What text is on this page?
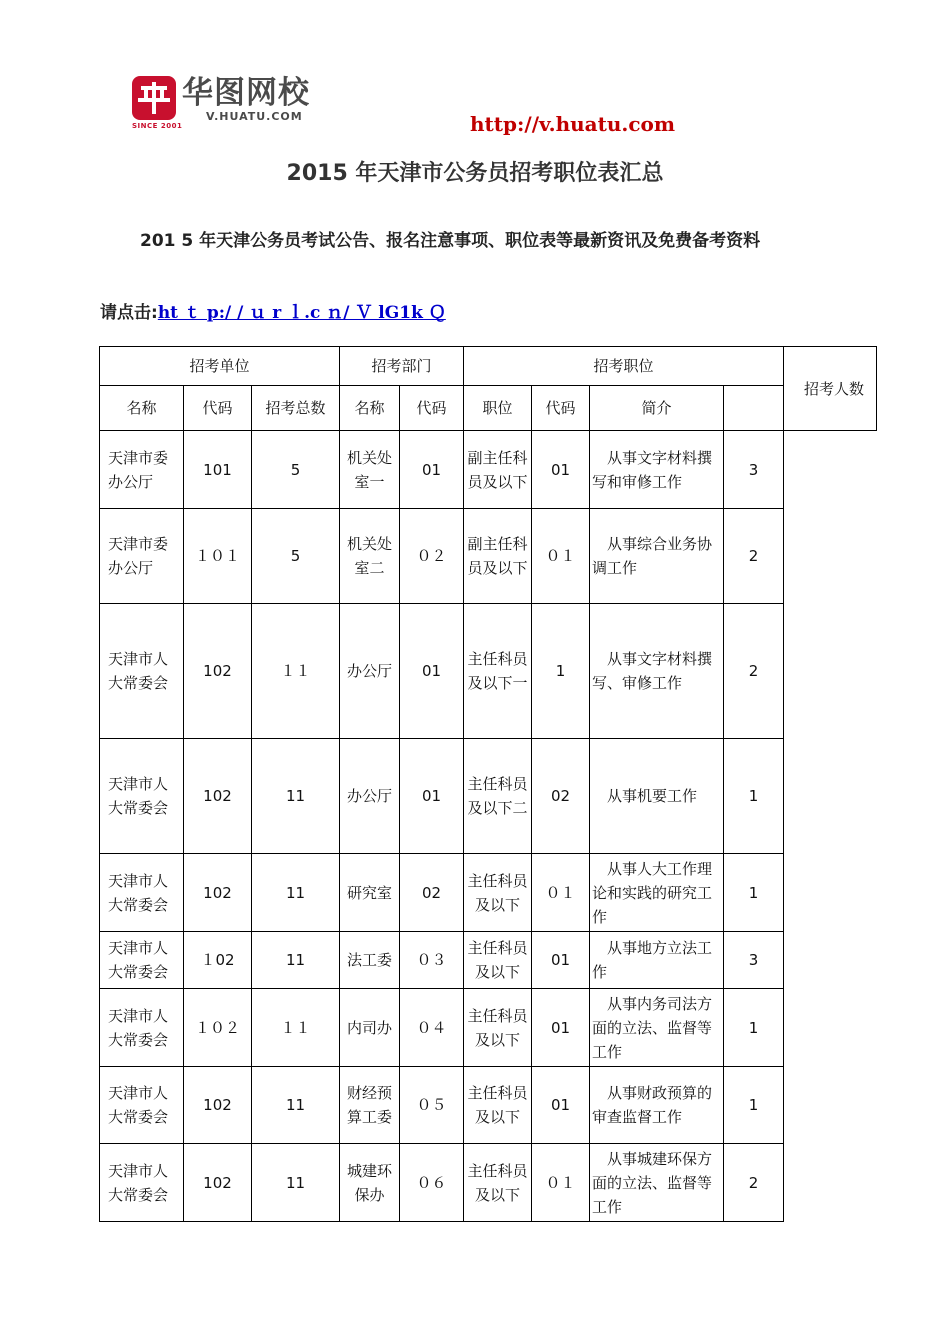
SINCE 2001
华图网校
V.HUATU.COM	http://v.huatu.com
2015 年天津市公务员招考职位表汇总
201 5 年天津公务员考试公告、报名注意事项、职位表等最新资讯及免费备考资料
请点击:ht ｔ p:/ / ｕ r ｌ.c ｎ/ Ｖ lG1k Ｑ
招考单位			招考部门		招考职位				招考人数
名称	代码	招考总数	名称	代码	职位	代码	简介		
天津市委办公厅	101	5	机关处室一	01	副主任科员及以下	01	从事文字材料撰写和审修工作	3	
天津市委办公厅	１０１	5	机关处室二	０２	副主任科员及以下	０１	从事综合业务协调工作	2	
天津市人大常委会	102	１１	办公厅	01	主任科员及以下一	1	从事文字材料撰写、审修工作	2	
天津市人大常委会	102	11	办公厅	01	主任科员及以下二	02	从事机要工作	1	
天津市人大常委会	102	11	研究室	02	主任科员及以下	０１	从事人大工作理论和实践的研究工作	1	
天津市人大常委会	１02	11	法工委	０３	主任科员及以下	01	从事地方立法工作	3	
天津市人大常委会	１０２	１１	内司办	０４	主任科员及以下	01	从事内务司法方面的立法、监督等工作	1	
天津市人大常委会	102	11	财经预算工委	０５	主任科员及以下	01	从事财政预算的审查监督工作	1	
天津市人大常委会	102	11	城建环保办	０６	主任科员及以下	０１	从事城建环保方面的立法、监督等工作	2	
